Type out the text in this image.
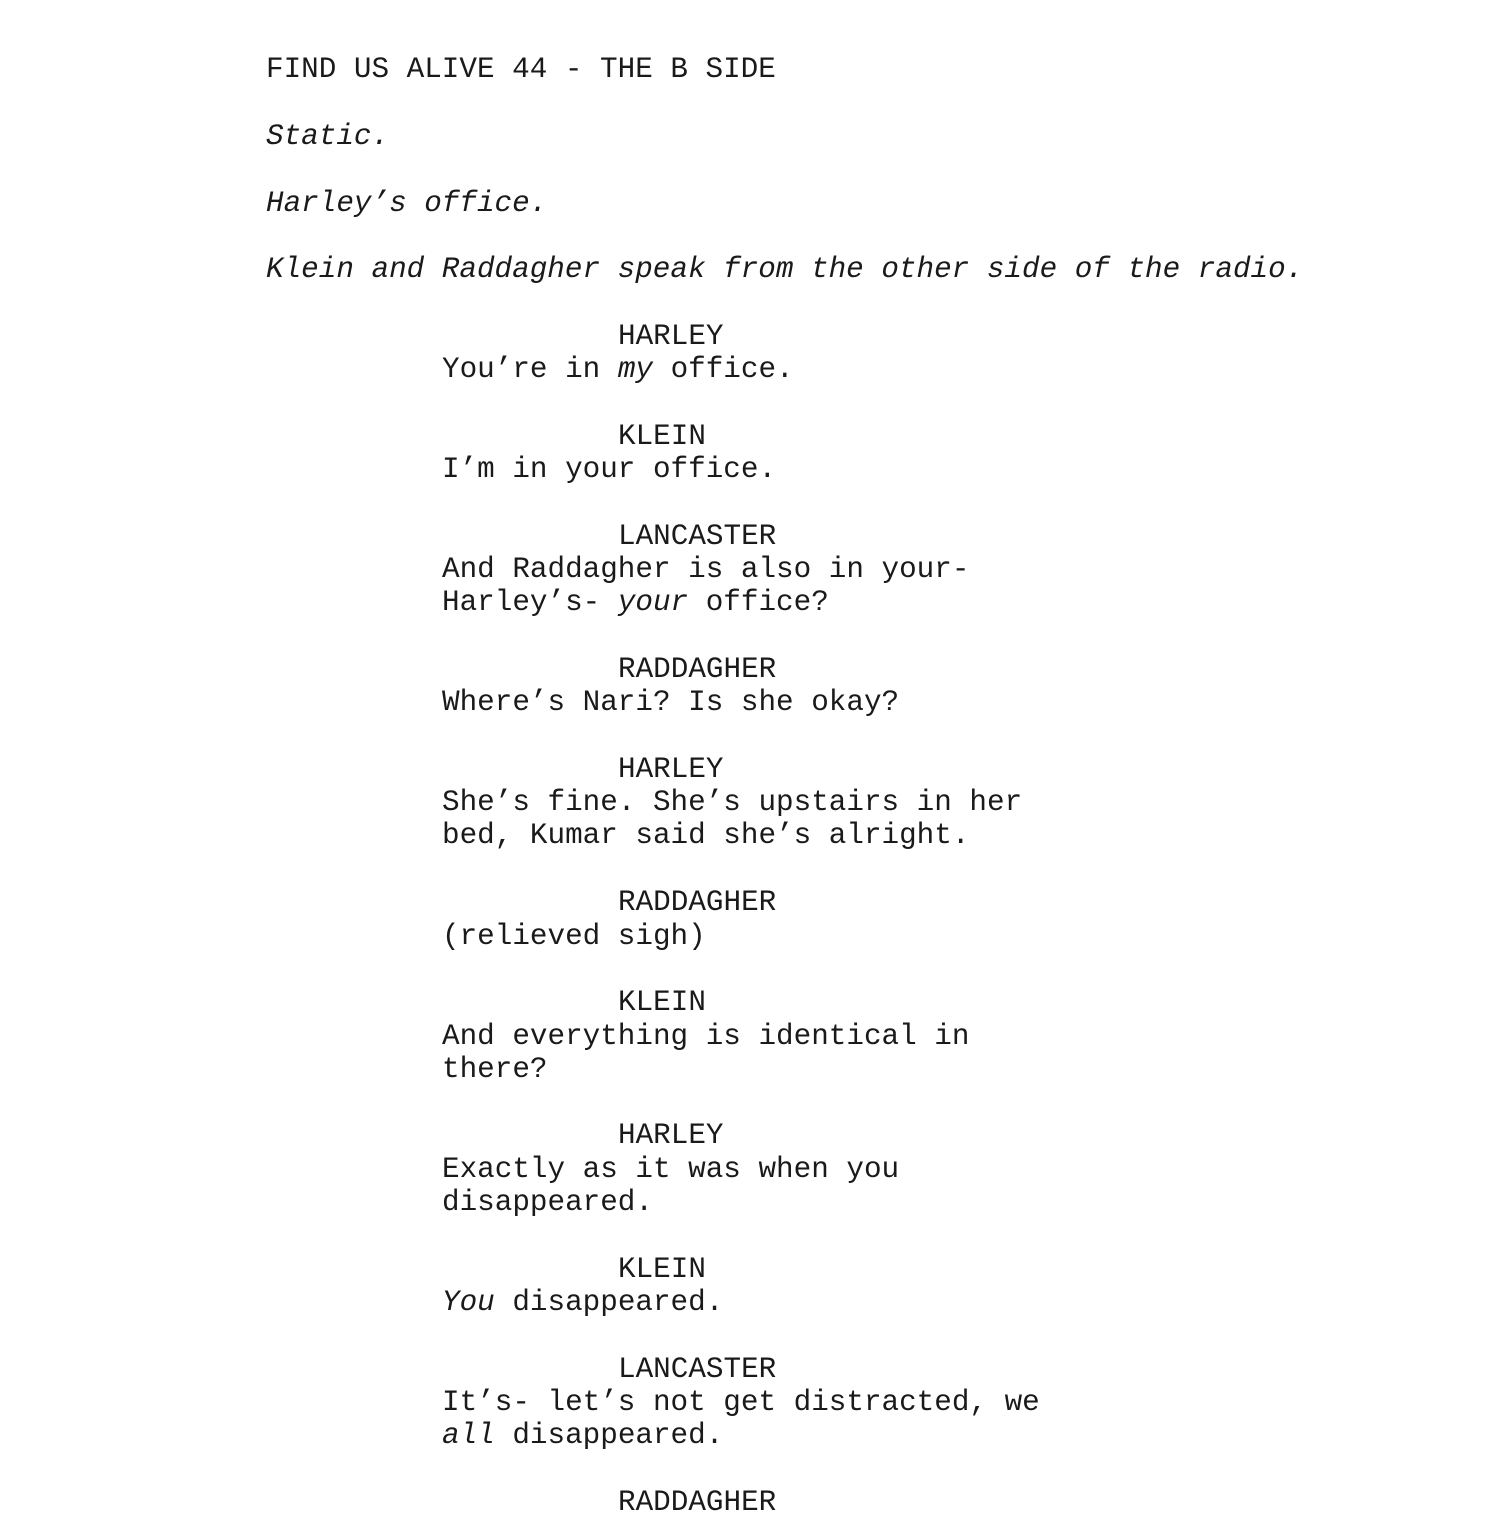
FIND US ALIVE 44 - THE B SIDE
Static.
Harley’s office.
Klein and Raddagher speak from the other side of the radio.
HARLEY
You’re in my office.
KLEIN
I’m in your office.
LANCASTER
And Raddagher is also in your-
Harley’s- your office?
RADDAGHER
Where’s Nari? Is she okay?
HARLEY
She’s fine. She’s upstairs in her
bed, Kumar said she’s alright.
RADDAGHER
(relieved sigh)
KLEIN
And everything is identical in
there?
HARLEY
Exactly as it was when you
disappeared.
KLEIN
You disappeared.
LANCASTER
It’s- let’s not get distracted, we
all disappeared.
RADDAGHER
